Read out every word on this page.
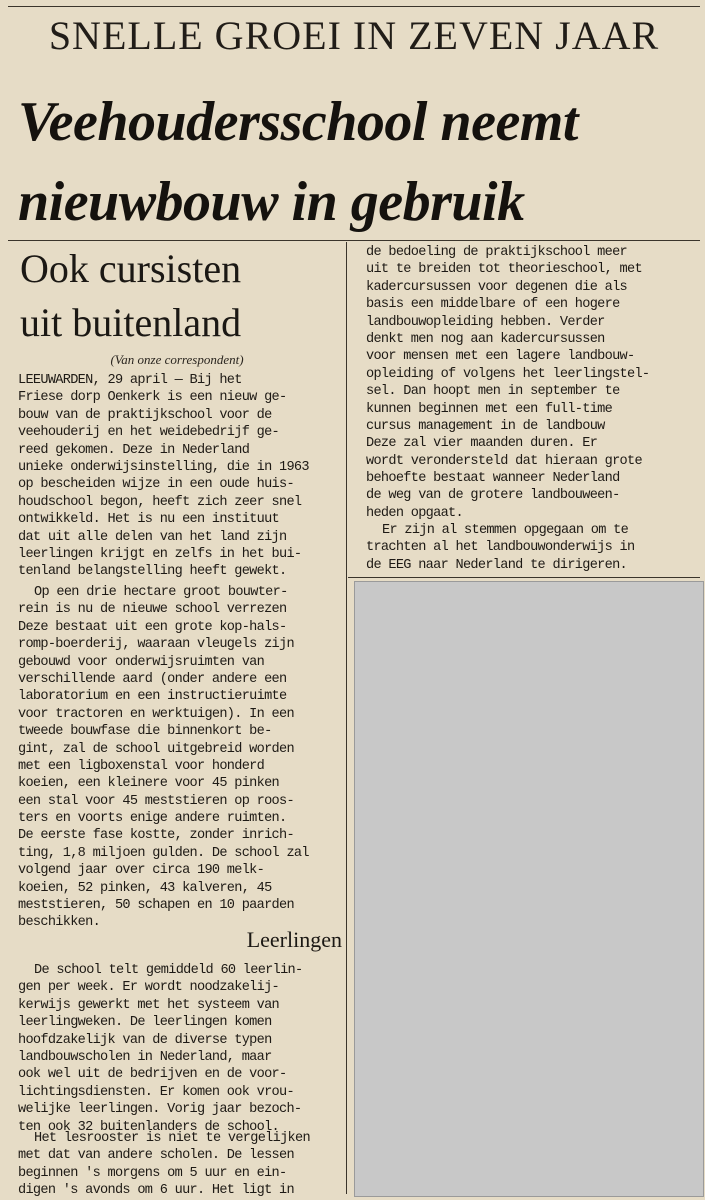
SNELLE GROEI IN ZEVEN JAAR
Veehoudersschool neemt
nieuwbouw in gebruik
Ook cursisten
uit buitenland
(Van onze correspondent)
LEEUWARDEN, 29 april — Bij het
Friese dorp Oenkerk is een nieuw ge-
bouw van de praktijkschool voor de
veehouderij en het weidebedrijf ge-
reed gekomen. Deze in Nederland
unieke onderwijsinstelling, die in 1963
op bescheiden wijze in een oude huis-
houdschool begon, heeft zich zeer snel
ontwikkeld. Het is nu een instituut
dat uit alle delen van het land zijn
leerlingen krijgt en zelfs in het bui-
tenland belangstelling heeft gewekt.
Op een drie hectare groot bouwter-
rein is nu de nieuwe school verrezen
Deze bestaat uit een grote kop-hals-
romp-boerderij, waaraan vleugels zijn
gebouwd voor onderwijsruimten van
verschillende aard (onder andere een
laboratorium en een instructieruimte
voor tractoren en werktuigen). In een
tweede bouwfase die binnenkort be-
gint, zal de school uitgebreid worden
met een ligboxenstal voor honderd
koeien, een kleinere voor 45 pinken
een stal voor 45 meststieren op roos-
ters en voorts enige andere ruimten.
De eerste fase kostte, zonder inrich-
ting, 1,8 miljoen gulden. De school zal
volgend jaar over circa 190 melk-
koeien, 52 pinken, 43 kalveren, 45
meststieren, 50 schapen en 10 paarden
beschikken.
Leerlingen
De school telt gemiddeld 60 leerlin-
gen per week. Er wordt noodzakelij-
kerwijs gewerkt met het systeem van
leerlingweken. De leerlingen komen
hoofdzakelijk van de diverse typen
landbouwscholen in Nederland, maar
ook wel uit de bedrijven en de voor-
lichtingsdiensten. Er komen ook vrou-
welijke leerlingen. Vorig jaar bezoch-
ten ook 32 buitenlanders de school.
Het lesrooster is niet te vergelijken
met dat van andere scholen. De lessen
beginnen 's morgens om 5 uur en ein-
digen 's avonds om 6 uur. Het ligt in
de bedoeling de praktijkschool meer
uit te breiden tot theorieschool, met
kadercursussen voor degenen die als
basis een middelbare of een hogere
landbouwopleiding hebben. Verder
denkt men nog aan kadercursussen
voor mensen met een lagere landbouw-
opleiding of volgens het leerlingstel-
sel. Dan hoopt men in september te
kunnen beginnen met een full-time
cursus management in de landbouw
Deze zal vier maanden duren. Er
wordt verondersteld dat hieraan grote
behoefte bestaat wanneer Nederland
de weg van de grotere landbouween-
heden opgaat.
Er zijn al stemmen opgegaan om te
trachten al het landbouwonderwijs in
de EEG naar Nederland te dirigeren.
